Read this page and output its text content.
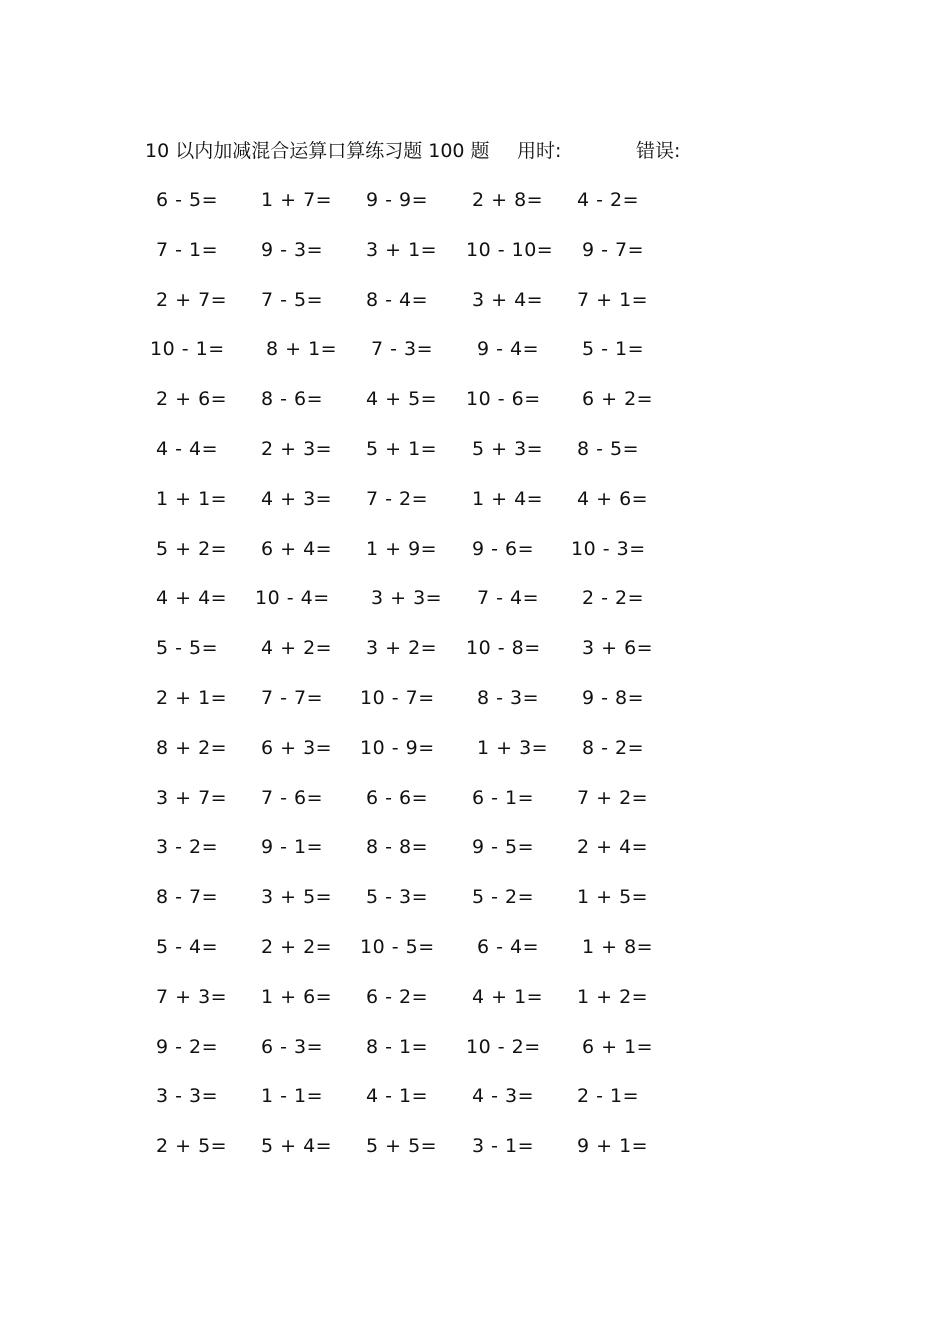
10 以内加减混合运算口算练习题 100 题 用时:	错误:
6 - 5= 1 + 7= 9 - 9= 2 + 8= 4 - 2=
7 - 1= 9 - 3= 3 + 1= 10 - 10= 9 - 7=
2 + 7= 7 - 5= 8 - 4= 3 + 4= 7 + 1=
10 - 1= 8 + 1= 7 - 3= 9 - 4= 5 - 1=
2 + 6= 8 - 6= 4 + 5= 10 - 6= 6 + 2=
4 - 4= 2 + 3= 5 + 1= 5 + 3= 8 - 5=
1 + 1= 4 + 3= 7 - 2= 1 + 4= 4 + 6=
5 + 2= 6 + 4= 1 + 9= 9 - 6= 10 - 3=
4 + 4= 10 - 4= 3 + 3= 7 - 4= 2 - 2=
5 - 5= 4 + 2= 3 + 2= 10 - 8= 3 + 6=
2 + 1= 7 - 7= 10 - 7= 8 - 3= 9 - 8=
8 + 2= 6 + 3= 10 - 9= 1 + 3= 8 - 2=
3 + 7= 7 - 6= 6 - 6= 6 - 1= 7 + 2=
3 - 2= 9 - 1= 8 - 8= 9 - 5= 2 + 4=
8 - 7= 3 + 5= 5 - 3= 5 - 2= 1 + 5=
5 - 4= 2 + 2= 10 - 5= 6 - 4= 1 + 8=
7 + 3= 1 + 6= 6 - 2= 4 + 1= 1 + 2=
9 - 2= 6 - 3= 8 - 1= 10 - 2= 6 + 1=
3 - 3= 1 - 1= 4 - 1= 4 - 3= 2 - 1=
2 + 5= 5 + 4= 5 + 5= 3 - 1= 9 + 1=
